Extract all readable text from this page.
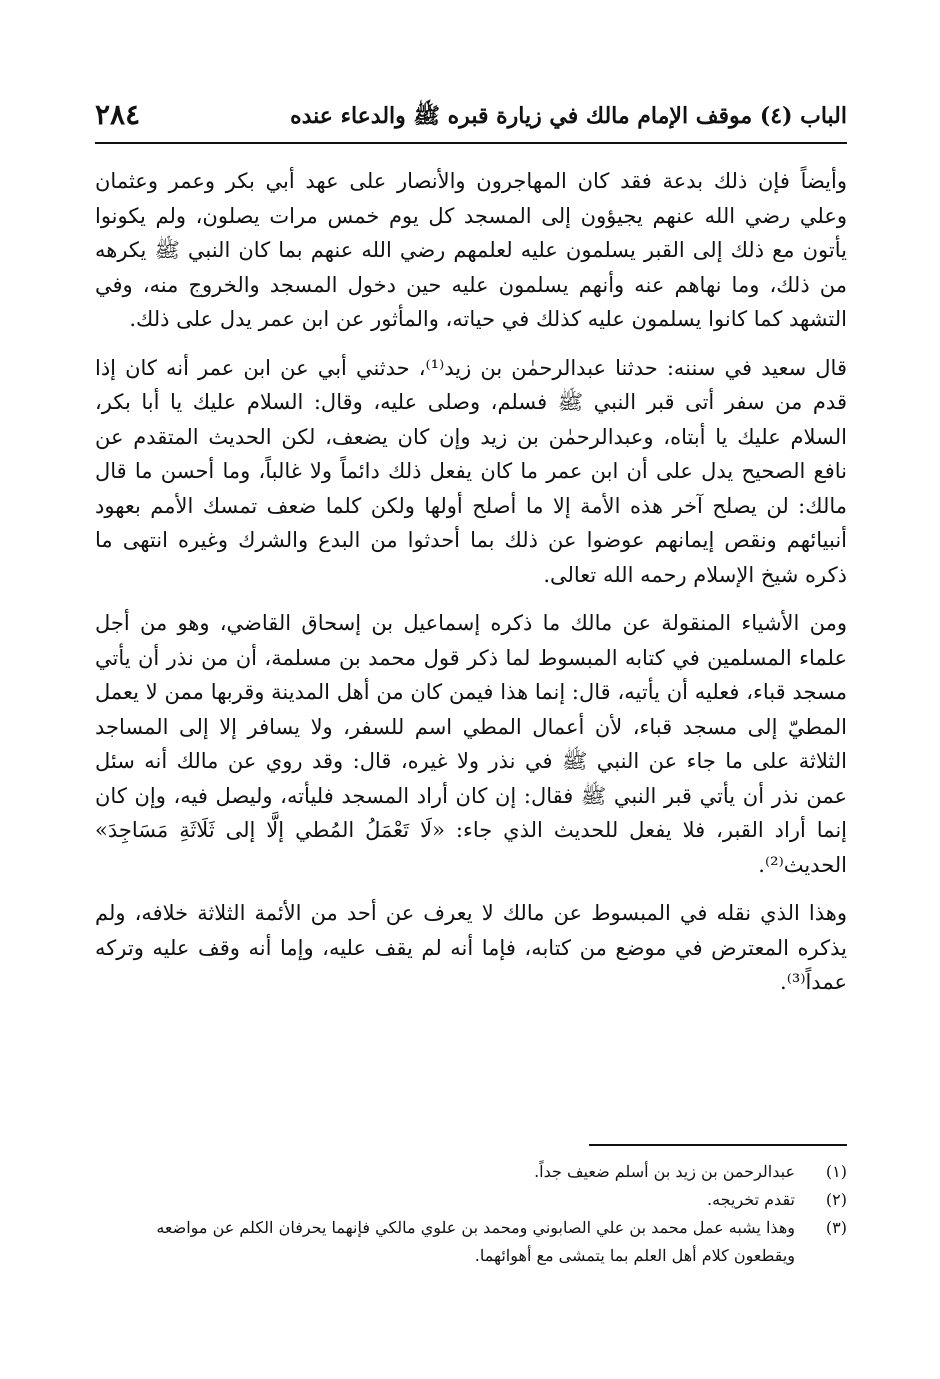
الباب (٤) موقف الإمام مالك في زيارة قبره ﷺ والدعاء عنده
٢٨٤

وأيضاً فإن ذلك بدعة فقد كان المهاجرون والأنصار على عهد أبي بكر وعمر وعثمان وعلي رضي الله عنهم يجيؤون إلى المسجد كل يوم خمس مرات يصلون، ولم يكونوا يأتون مع ذلك إلى القبر يسلمون عليه لعلمهم رضي الله عنهم بما كان النبي ﷺ يكرهه من ذلك، وما نهاهم عنه وأنهم يسلمون عليه حين دخول المسجد والخروج منه، وفي التشهد كما كانوا يسلمون عليه كذلك في حياته، والمأثور عن ابن عمر يدل على ذلك.

قال سعيد في سننه: حدثنا عبدالرحمٰن بن زيد⁽¹⁾، حدثني أبي عن ابن عمر أنه كان إذا قدم من سفر أتى قبر النبي ﷺ فسلم، وصلى عليه، وقال: السلام عليك يا أبا بكر، السلام عليك يا أبتاه، وعبدالرحمٰن بن زيد وإن كان يضعف، لكن الحديث المتقدم عن نافع الصحيح يدل على أن ابن عمر ما كان يفعل ذلك دائماً ولا غالباً، وما أحسن ما قال مالك: لن يصلح آخر هذه الأمة إلا ما أصلح أولها ولكن كلما ضعف تمسك الأمم بعهود أنبيائهم ونقص إيمانهم عوضوا عن ذلك بما أحدثوا من البدع والشرك وغيره انتهى ما ذكره شيخ الإسلام رحمه الله تعالى.

ومن الأشياء المنقولة عن مالك ما ذكره إسماعيل بن إسحاق القاضي، وهو من أجل علماء المسلمين في كتابه المبسوط لما ذكر قول محمد بن مسلمة، أن من نذر أن يأتي مسجد قباء، فعليه أن يأتيه، قال: إنما هذا فيمن كان من أهل المدينة وقربها ممن لا يعمل المطيّ إلى مسجد قباء، لأن أعمال المطي اسم للسفر، ولا يسافر إلا إلى المساجد الثلاثة على ما جاء عن النبي ﷺ في نذر ولا غيره، قال: وقد روي عن مالك أنه سئل عمن نذر أن يأتي قبر النبي ﷺ فقال: إن كان أراد المسجد فليأته، وليصل فيه، وإن كان إنما أراد القبر، فلا يفعل للحديث الذي جاء: «لَا تَعْمَلُ المُطي إلَّا إلى ثَلَاثَةِ مَسَاجِدَ» الحديث⁽²⁾.

وهذا الذي نقله في المبسوط عن مالك لا يعرف عن أحد من الأئمة الثلاثة خلافه، ولم يذكره المعترض في موضع من كتابه، فإما أنه لم يقف عليه، وإما أنه وقف عليه وتركه عمداً⁽³⁾.

(١)
عبدالرحمن بن زيد بن أسلم ضعيف جداً.
(٢)
تقدم تخريجه.
(٣)
وهذا يشبه عمل محمد بن علي الصابوني ومحمد بن علوي مالكي فإنهما يحرفان الكلم عن مواضعه ويقطعون كلام أهل العلم بما يتمشى مع أهوائهما.
